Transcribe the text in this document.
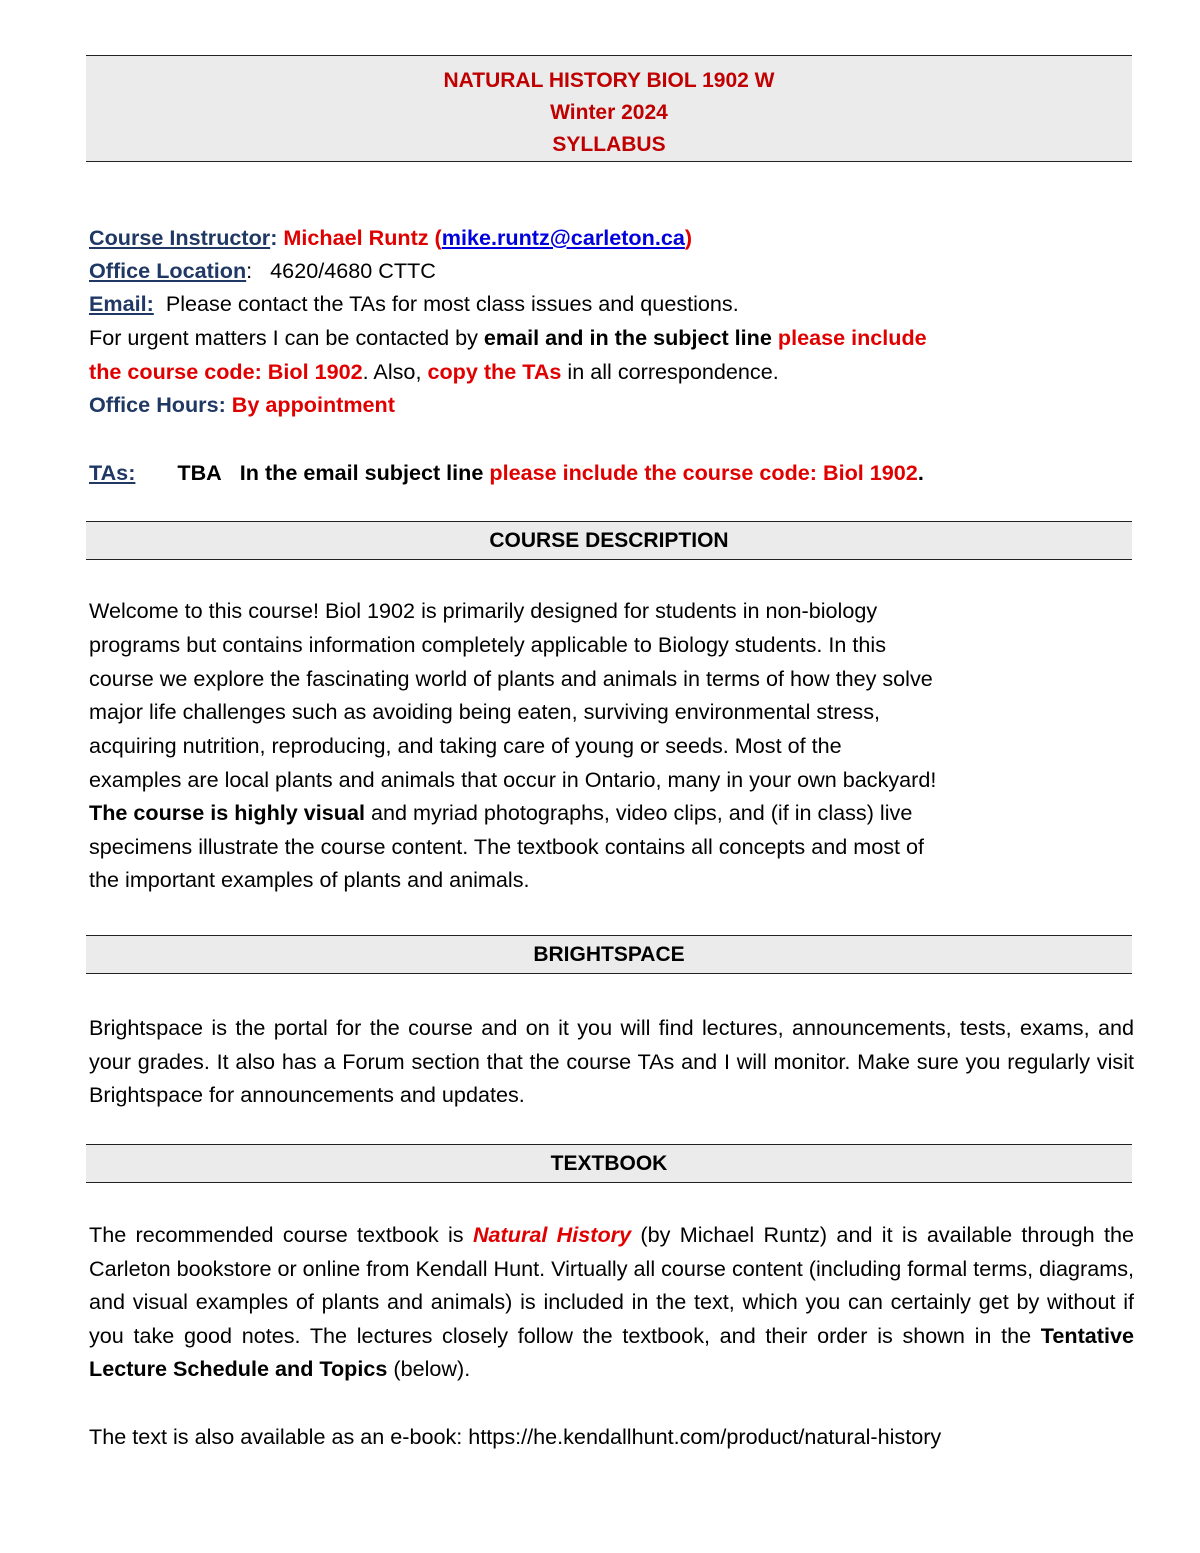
NATURAL HISTORY BIOL 1902 W
Winter 2024
SYLLABUS
Course Instructor: Michael Runtz (mike.runtz@carleton.ca)
Office Location:   4620/4680 CTTC
Email: Please contact the TAs for most class issues and questions.
For urgent matters I can be contacted by email and in the subject line please include
the course code: Biol 1902. Also, copy the TAs in all correspondence.
Office Hours: By appointment
TAs: TBA In the email subject line please include the course code: Biol 1902.
COURSE DESCRIPTION
Welcome to this course! Biol 1902 is primarily designed for students in non-biology
programs but contains information completely applicable to Biology students. In this
course we explore the fascinating world of plants and animals in terms of how they solve
major life challenges such as avoiding being eaten, surviving environmental stress,
acquiring nutrition, reproducing, and taking care of young or seeds. Most of the
examples are local plants and animals that occur in Ontario, many in your own backyard!
The course is highly visual and myriad photographs, video clips, and (if in class) live
specimens illustrate the course content. The textbook contains all concepts and most of
the important examples of plants and animals.
BRIGHTSPACE
Brightspace is the portal for the course and on it you will find lectures, announcements, tests, exams, and your grades. It also has a Forum section that the course TAs and I will monitor. Make sure you regularly visit Brightspace for announcements and updates.
TEXTBOOK
The recommended course textbook is Natural History (by Michael Runtz) and it is available through the Carleton bookstore or online from Kendall Hunt. Virtually all course content (including formal terms, diagrams, and visual examples of plants and animals) is included in the text, which you can certainly get by without if you take good notes. The lectures closely follow the textbook, and their order is shown in the Tentative Lecture Schedule and Topics (below).
The text is also available as an e-book: https://he.kendallhunt.com/product/natural-history
